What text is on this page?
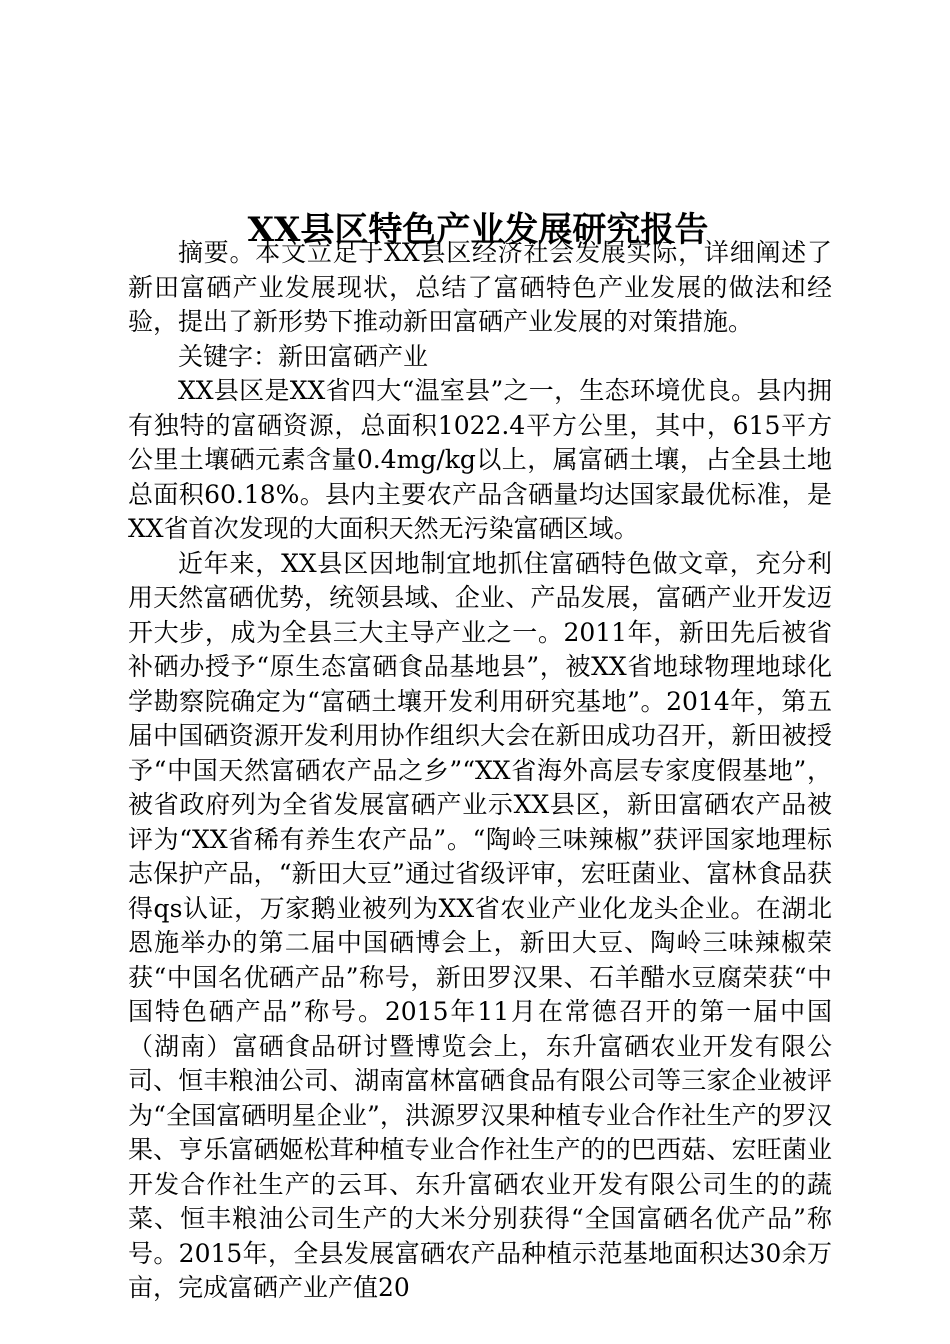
XX县区特色产业发展研究报告

摘要。本文立足于XX县区经济社会发展实际，详细阐述了新田富硒产业发展现状，总结了富硒特色产业发展的做法和经验，提出了新形势下推动新田富硒产业发展的对策措施。

关键字：新田富硒产业

XX县区是XX省四大“温室县”之一，生态环境优良。县内拥有独特的富硒资源，总面积1022.4平方公里，其中，615平方公里土壤硒元素含量0.4mg/kg以上，属富硒土壤，占全县土地总面积60.18%。县内主要农产品含硒量均达国家最优标准，是XX省首次发现的大面积天然无污染富硒区域。

近年来，XX县区因地制宜地抓住富硒特色做文章，充分利用天然富硒优势，统领县域、企业、产品发展，富硒产业开发迈开大步，成为全县三大主导产业之一。2011年，新田先后被省补硒办授予“原生态富硒食品基地县”，被XX省地球物理地球化学勘察院确定为“富硒土壤开发利用研究基地”。2014年，第五届中国硒资源开发利用协作组织大会在新田成功召开，新田被授予“中国天然富硒农产品之乡”“XX省海外高层专家度假基地”，被省政府列为全省发展富硒产业示XX县区，新田富硒农产品被评为“XX省稀有养生农产品”。“陶岭三味辣椒”获评国家地理标志保护产品，“新田大豆”通过省级评审，宏旺菌业、富林食品获得qs认证，万家鹅业被列为XX省农业产业化龙头企业。在湖北恩施举办的第二届中国硒博会上，新田大豆、陶岭三味辣椒荣获“中国名优硒产品”称号，新田罗汉果、石羊醋水豆腐荣获“中国特色硒产品”称号。2015年11月在常德召开的第一届中国（湖南）富硒食品研讨暨博览会上，东升富硒农业开发有限公司、恒丰粮油公司、湖南富林富硒食品有限公司等三家企业被评为“全国富硒明星企业”，洪源罗汉果种植专业合作社生产的罗汉果、亨乐富硒姬松茸种植专业合作社生产的的巴西菇、宏旺菌业开发合作社生产的云耳、东升富硒农业开发有限公司生的的蔬菜、恒丰粮油公司生产的大米分别获得“全国富硒名优产品”称号。2015年，全县发展富硒农产品种植示范基地面积达30余万亩，完成富硒产业产值20
